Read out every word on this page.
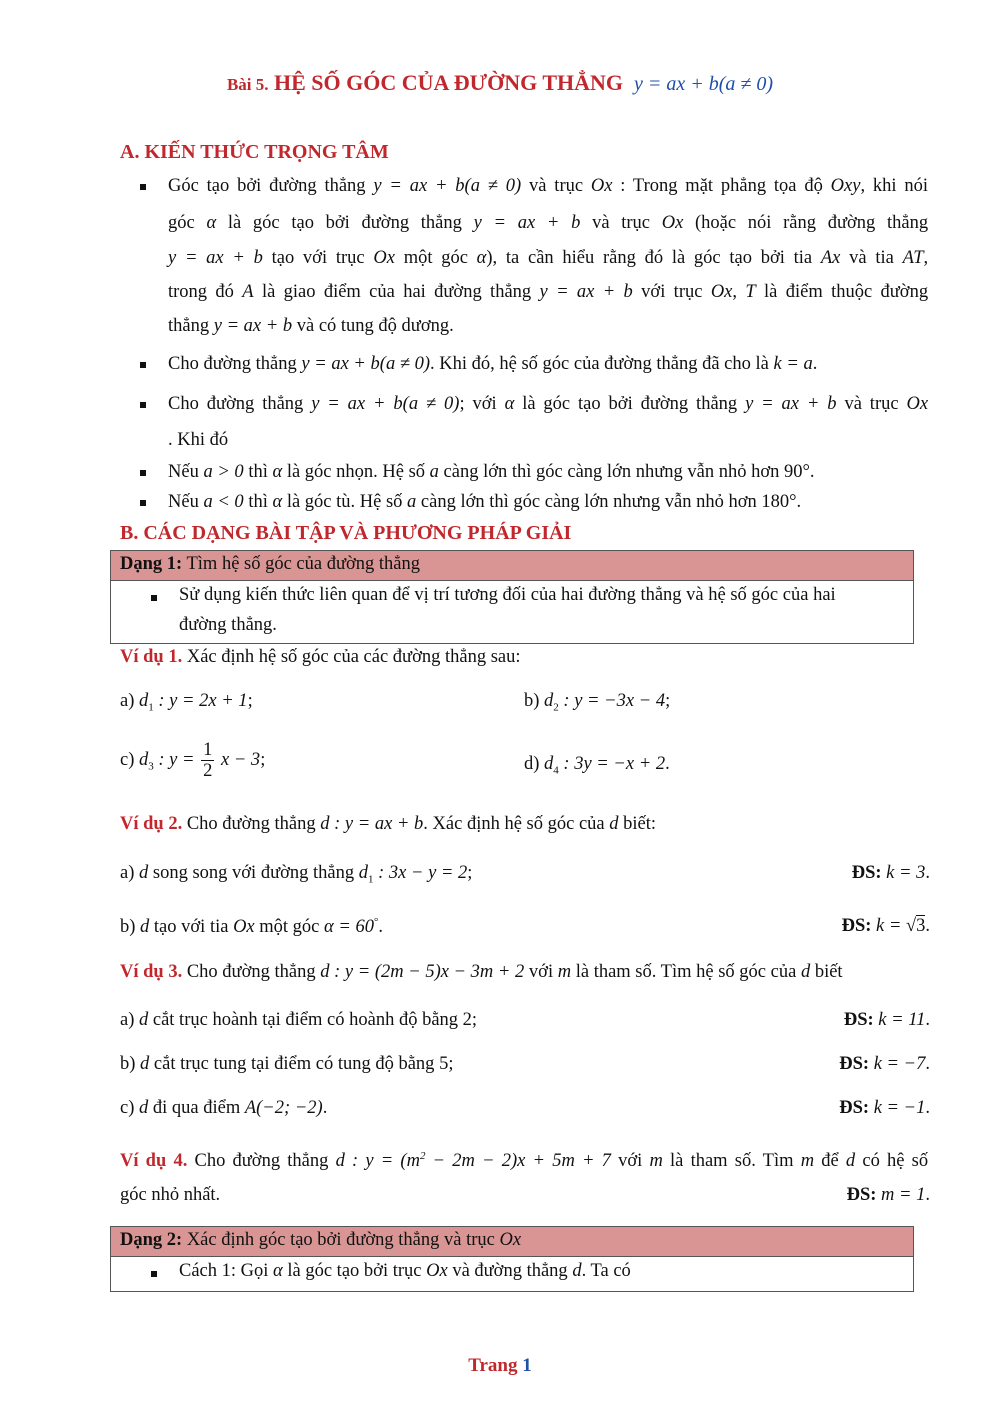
Bài 5. HỆ SỐ GÓC CỦA ĐƯỜNG THẲNG y = ax + b(a ≠ 0)
A. KIẾN THỨC TRỌNG TÂM
Góc tạo bởi đường thẳng y = ax + b(a ≠ 0) và trục Ox : Trong mặt phẳng tọa độ Oxy, khi nói
góc α là góc tạo bởi đường thẳng y = ax + b và trục Ox (hoặc nói rằng đường thẳng
y = ax + b tạo với trục Ox một góc α), ta cần hiểu rằng đó là góc tạo bởi tia Ax và tia AT,
trong đó A là giao điểm của hai đường thẳng y = ax + b với trục Ox, T là điểm thuộc đường
thẳng y = ax + b và có tung độ dương.
Cho đường thẳng y = ax + b(a ≠ 0). Khi đó, hệ số góc của đường thẳng đã cho là k = a.
Cho đường thẳng y = ax + b(a ≠ 0); với α là góc tạo bởi đường thẳng y = ax + b và trục Ox
. Khi đó
Nếu a > 0 thì α là góc nhọn. Hệ số a càng lớn thì góc càng lớn nhưng vẫn nhỏ hơn 90°.
Nếu a < 0 thì α là góc tù. Hệ số a càng lớn thì góc càng lớn nhưng vẫn nhỏ hơn 180°.
B. CÁC DẠNG BÀI TẬP VÀ PHƯƠNG PHÁP GIẢI
Dạng 1: Tìm hệ số góc của đường thẳng
Sử dụng kiến thức liên quan để vị trí tương đối của hai đường thẳng và hệ số góc của hai
đường thẳng.
Ví dụ 1. Xác định hệ số góc của các đường thẳng sau:
a) $d_1$ : y = 2x + 1;	b) $d_2$ : y = −3x − 4;
c) $d_3$ : $y = \frac{1}{2}$ x − 3;	d) $d_4$ : 3y = −x + 2.
Ví dụ 2. Cho đường thẳng d : y = ax + b. Xác định hệ số góc của d biết:
a) d song song với đường thẳng $d_1$ : 3x − y = 2;	ĐS: k = 3.
b) d tạo với tia Ox một góc α = 60°.	ĐS: k = √3.
Ví dụ 3. Cho đường thẳng d : y = (2m − 5)x − 3m + 2 với m là tham số. Tìm hệ số góc của d biết
a) d cắt trục hoành tại điểm có hoành độ bằng 2;	ĐS: k = 11.
b) d cắt trục tung tại điểm có tung độ bằng 5;	ĐS: k = −7.
c) d đi qua điểm A(−2; −2).	ĐS: k = −1.
Ví dụ 4. Cho đường thẳng d : $y = (m^2 - 2m - 2)x + 5m + 7$ với m là tham số. Tìm m để d có hệ số
góc nhỏ nhất.	ĐS: m = 1.
Dạng 2: Xác định góc tạo bởi đường thẳng và trục Ox
Cách 1: Gọi α là góc tạo bởi trục Ox và đường thẳng d. Ta có
Trang 1
